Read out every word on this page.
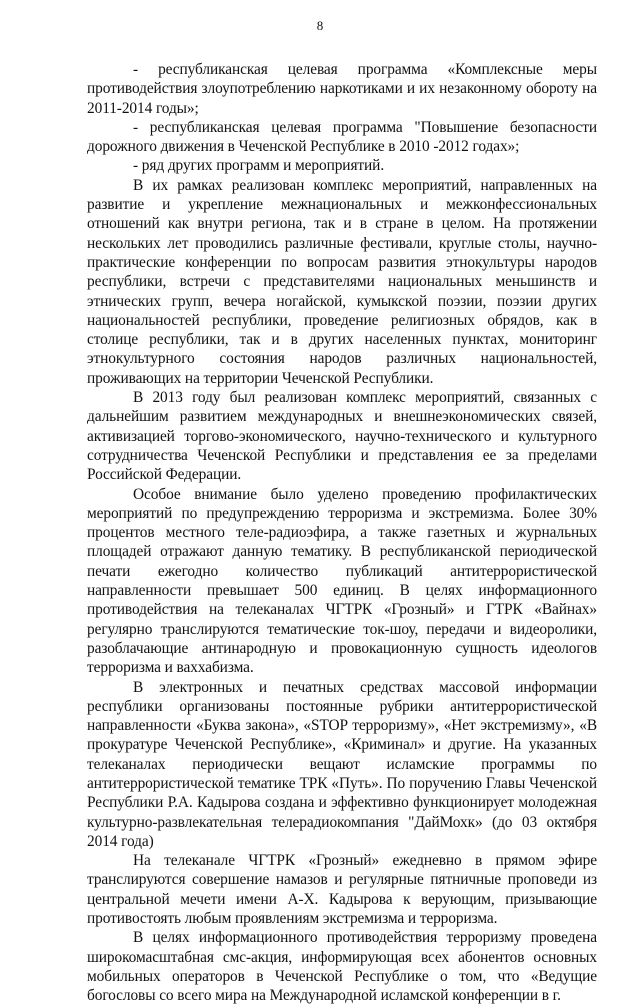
8

- республиканская целевая программа «Комплексные меры противодействия злоупотреблению наркотиками и их незаконному обороту на 2011-2014 годы»;

- республиканская целевая программа "Повышение безопасности дорожного движения в Чеченской Республике в 2010 -2012 годах»;

- ряд других программ и мероприятий.

В их рамках реализован комплекс мероприятий, направленных на развитие и укрепление межнациональных и межконфессиональных отношений как внутри региона, так и в стране в целом. На протяжении нескольких лет проводились различные фестивали, круглые столы, научно-практические конференции по вопросам развития этнокультуры народов республики, встречи с представителями национальных меньшинств и этнических групп, вечера ногайской, кумыкской поэзии, поэзии других национальностей республики, проведение религиозных обрядов, как в столице республики, так и в других населенных пунктах, мониторинг этнокультурного состояния народов различных национальностей, проживающих на территории Чеченской Республики.

В 2013 году был реализован комплекс мероприятий, связанных с дальнейшим развитием международных и внешнеэкономических связей, активизацией торгово-экономического, научно-технического и культурного сотрудничества Чеченской Республики и представления ее за пределами Российской Федерации.

Особое внимание было уделено проведению профилактических мероприятий по предупреждению терроризма и экстремизма. Более 30% процентов местного теле-радиоэфира, а также газетных и журнальных площадей отражают данную тематику. В республиканской периодической печати ежегодно количество публикаций антитеррористической направленности превышает 500 единиц. В целях информационного противодействия на телеканалах ЧГТРК «Грозный» и ГТРК «Вайнах» регулярно транслируются тематические ток-шоу, передачи и видеоролики, разоблачающие антинародную и провокационную сущность идеологов терроризма и ваххабизма.

В электронных и печатных средствах массовой информации республики организованы постоянные рубрики антитеррористической направленности «Буква закона», «STOP терроризму», «Нет экстремизму», «В прокуратуре Чеченской Республике», «Криминал» и другие. На указанных телеканалах периодически вещают исламские программы по антитеррористической тематике ТРК «Путь». По поручению Главы Чеченской Республики Р.А. Кадырова создана и эффективно функционирует молодежная культурно-развлекательная телерадиокомпания "ДайМохк» (до 03 октября 2014 года)

На телеканале ЧГТРК «Грозный» ежедневно в прямом эфире транслируются совершение намазов и регулярные пятничные проповеди из центральной мечети имени А-Х. Кадырова к верующим, призывающие противостоять любым проявлениям экстремизма и терроризма.

В целях информационного противодействия терроризму проведена широкомасштабная смс-акция, информирующая всех абонентов основных мобильных операторов в Чеченской Республике о том, что «Ведущие богословы со всего мира на Международной исламской конференции в г.
